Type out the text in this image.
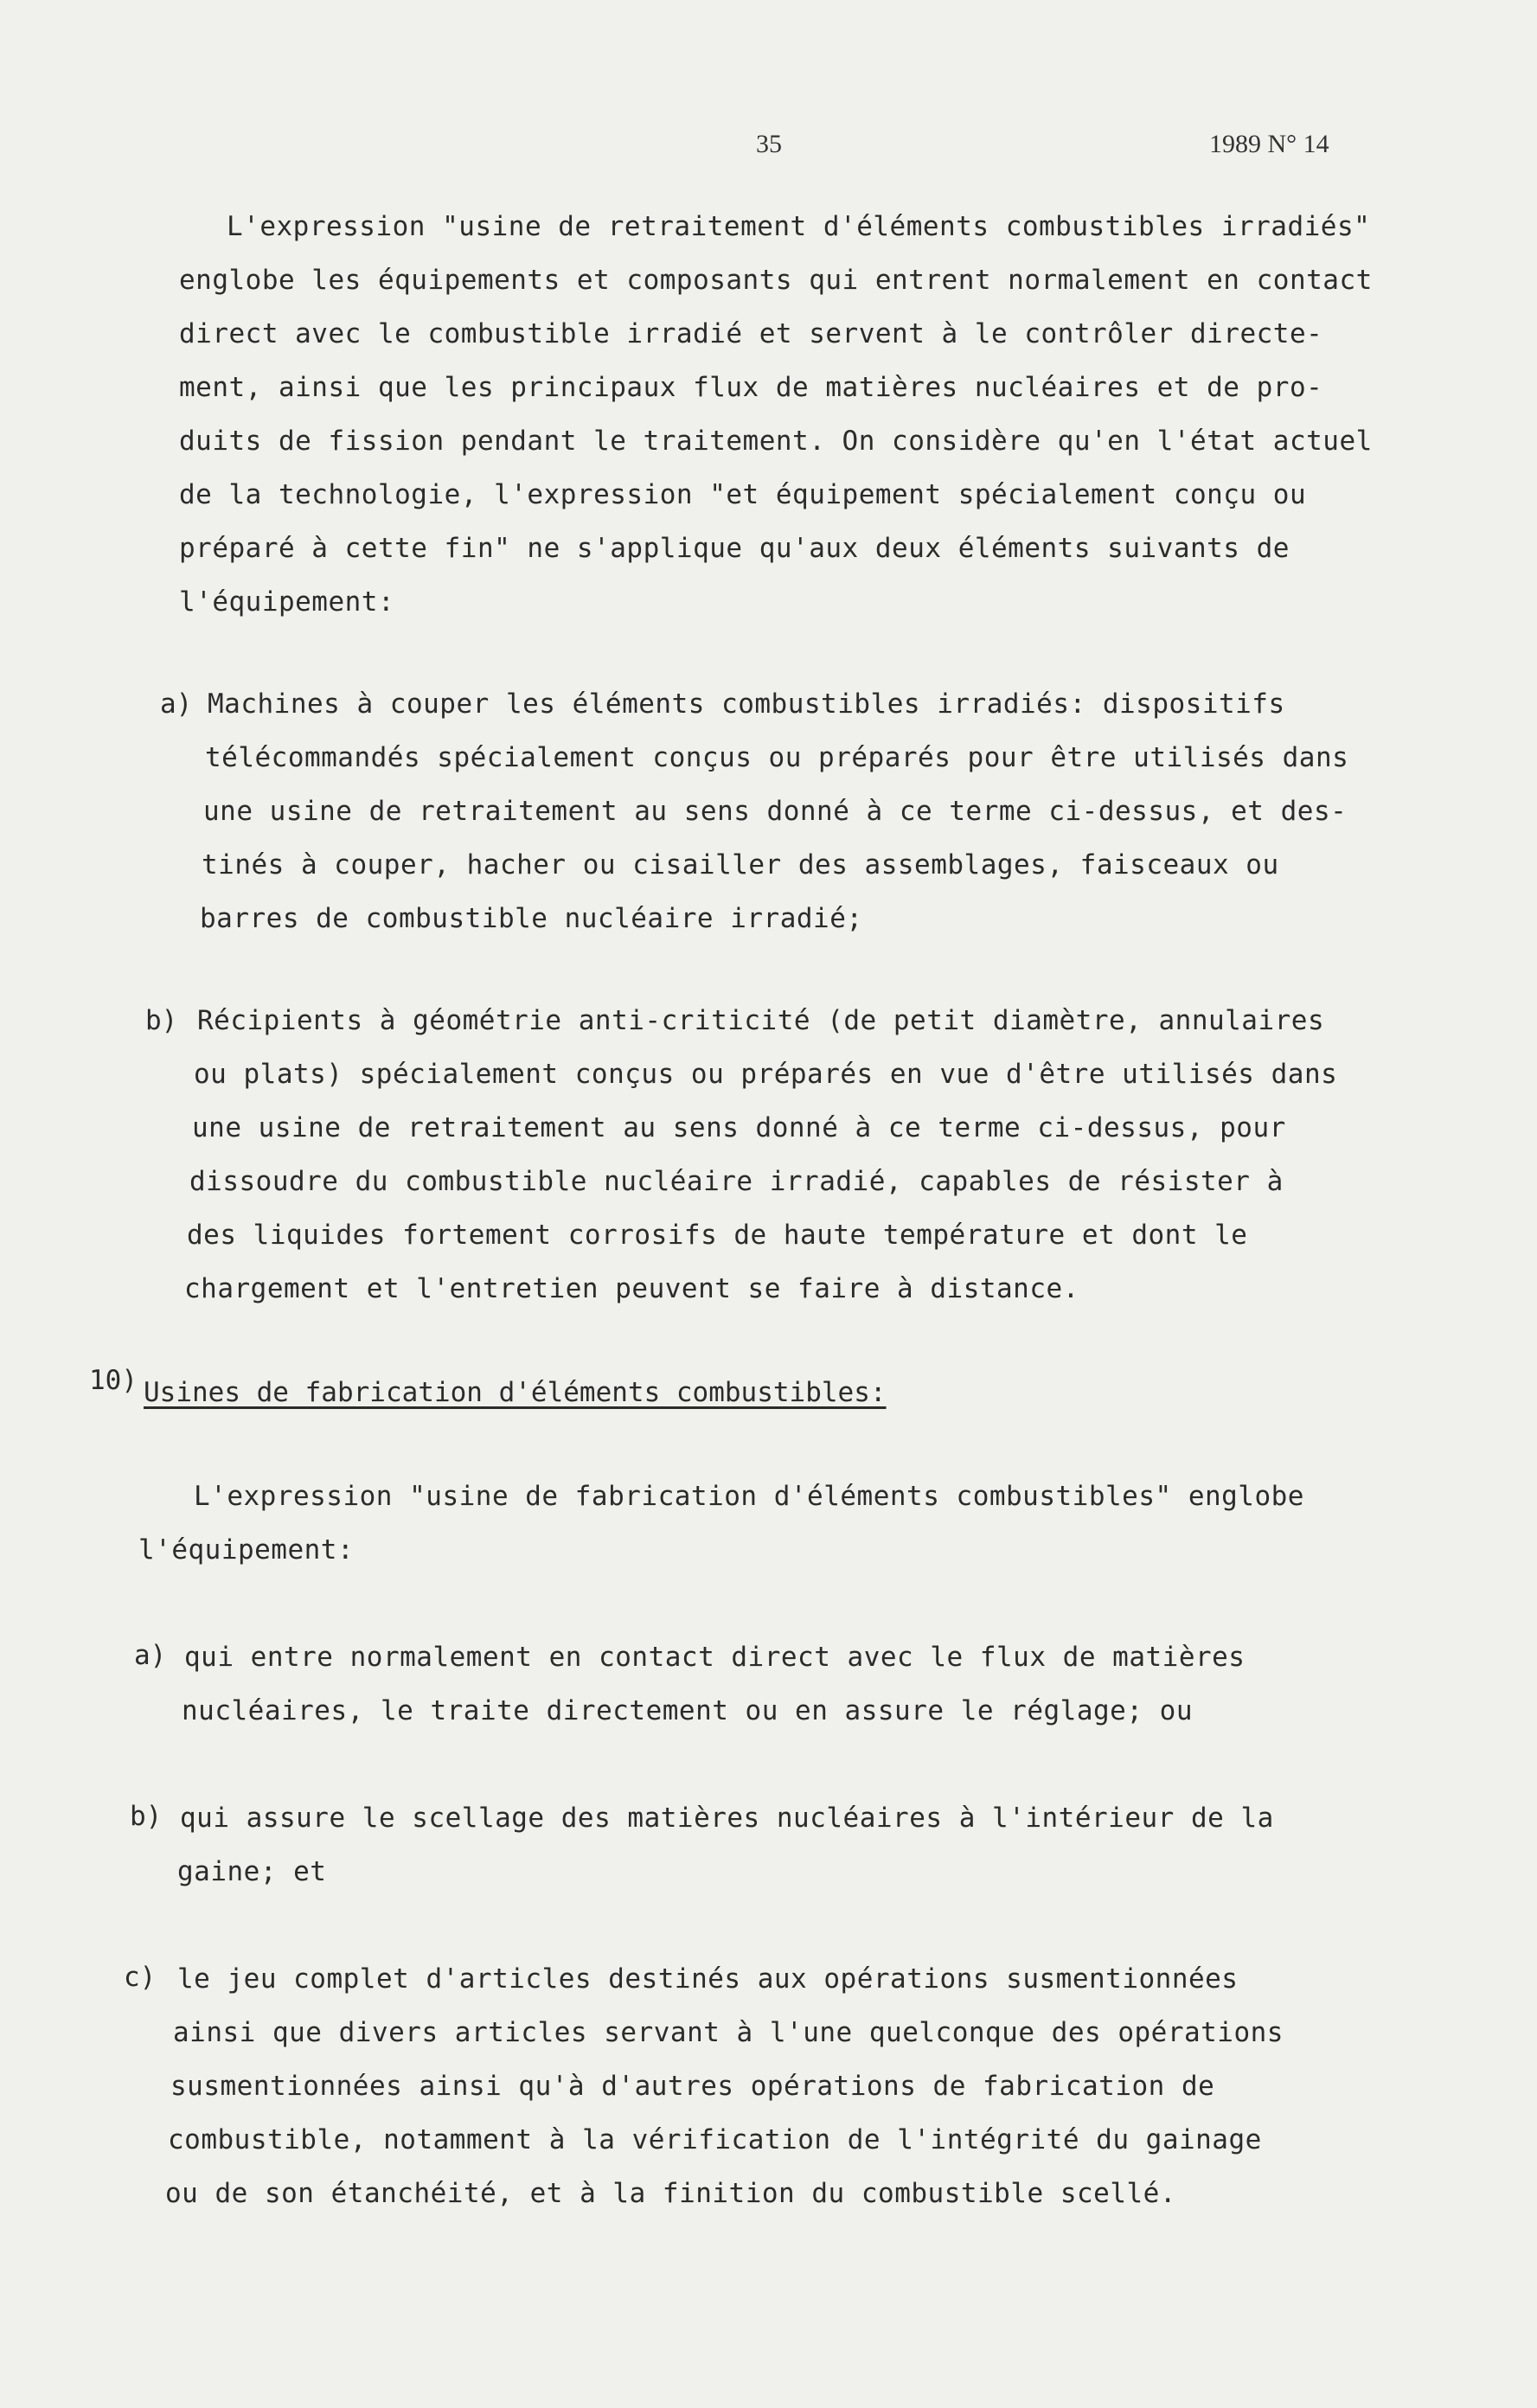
35	1989 N° 14
L'expression "usine de retraitement d'éléments combustibles irradiés"
englobe les équipements et composants qui entrent normalement en contact
direct avec le combustible irradié et servent à le contrôler directe-
ment, ainsi que les principaux flux de matières nucléaires et de pro-
duits de fission pendant le traitement. On considère qu'en l'état actuel
de la technologie, l'expression "et équipement spécialement conçu ou
préparé à cette fin" ne s'applique qu'aux deux éléments suivants de
l'équipement:
a) Machines à couper les éléments combustibles irradiés: dispositifs
télécommandés spécialement conçus ou préparés pour être utilisés dans
une usine de retraitement au sens donné à ce terme ci-dessus, et des-
tinés à couper, hacher ou cisailler des assemblages, faisceaux ou
barres de combustible nucléaire irradié;
b) Récipients à géométrie anti-criticité (de petit diamètre, annulaires
ou plats) spécialement conçus ou préparés en vue d'être utilisés dans
une usine de retraitement au sens donné à ce terme ci-dessus, pour
dissoudre du combustible nucléaire irradié, capables de résister à
des liquides fortement corrosifs de haute température et dont le
chargement et l'entretien peuvent se faire à distance.
10) Usines de fabrication d'éléments combustibles:
L'expression "usine de fabrication d'éléments combustibles" englobe
l'équipement:
a) qui entre normalement en contact direct avec le flux de matières
nucléaires, le traite directement ou en assure le réglage; ou
b) qui assure le scellage des matières nucléaires à l'intérieur de la
gaine; et
c) le jeu complet d'articles destinés aux opérations susmentionnées
ainsi que divers articles servant à l'une quelconque des opérations
susmentionnées ainsi qu'à d'autres opérations de fabrication de
combustible, notamment à la vérification de l'intégrité du gainage
ou de son étanchéité, et à la finition du combustible scellé.
